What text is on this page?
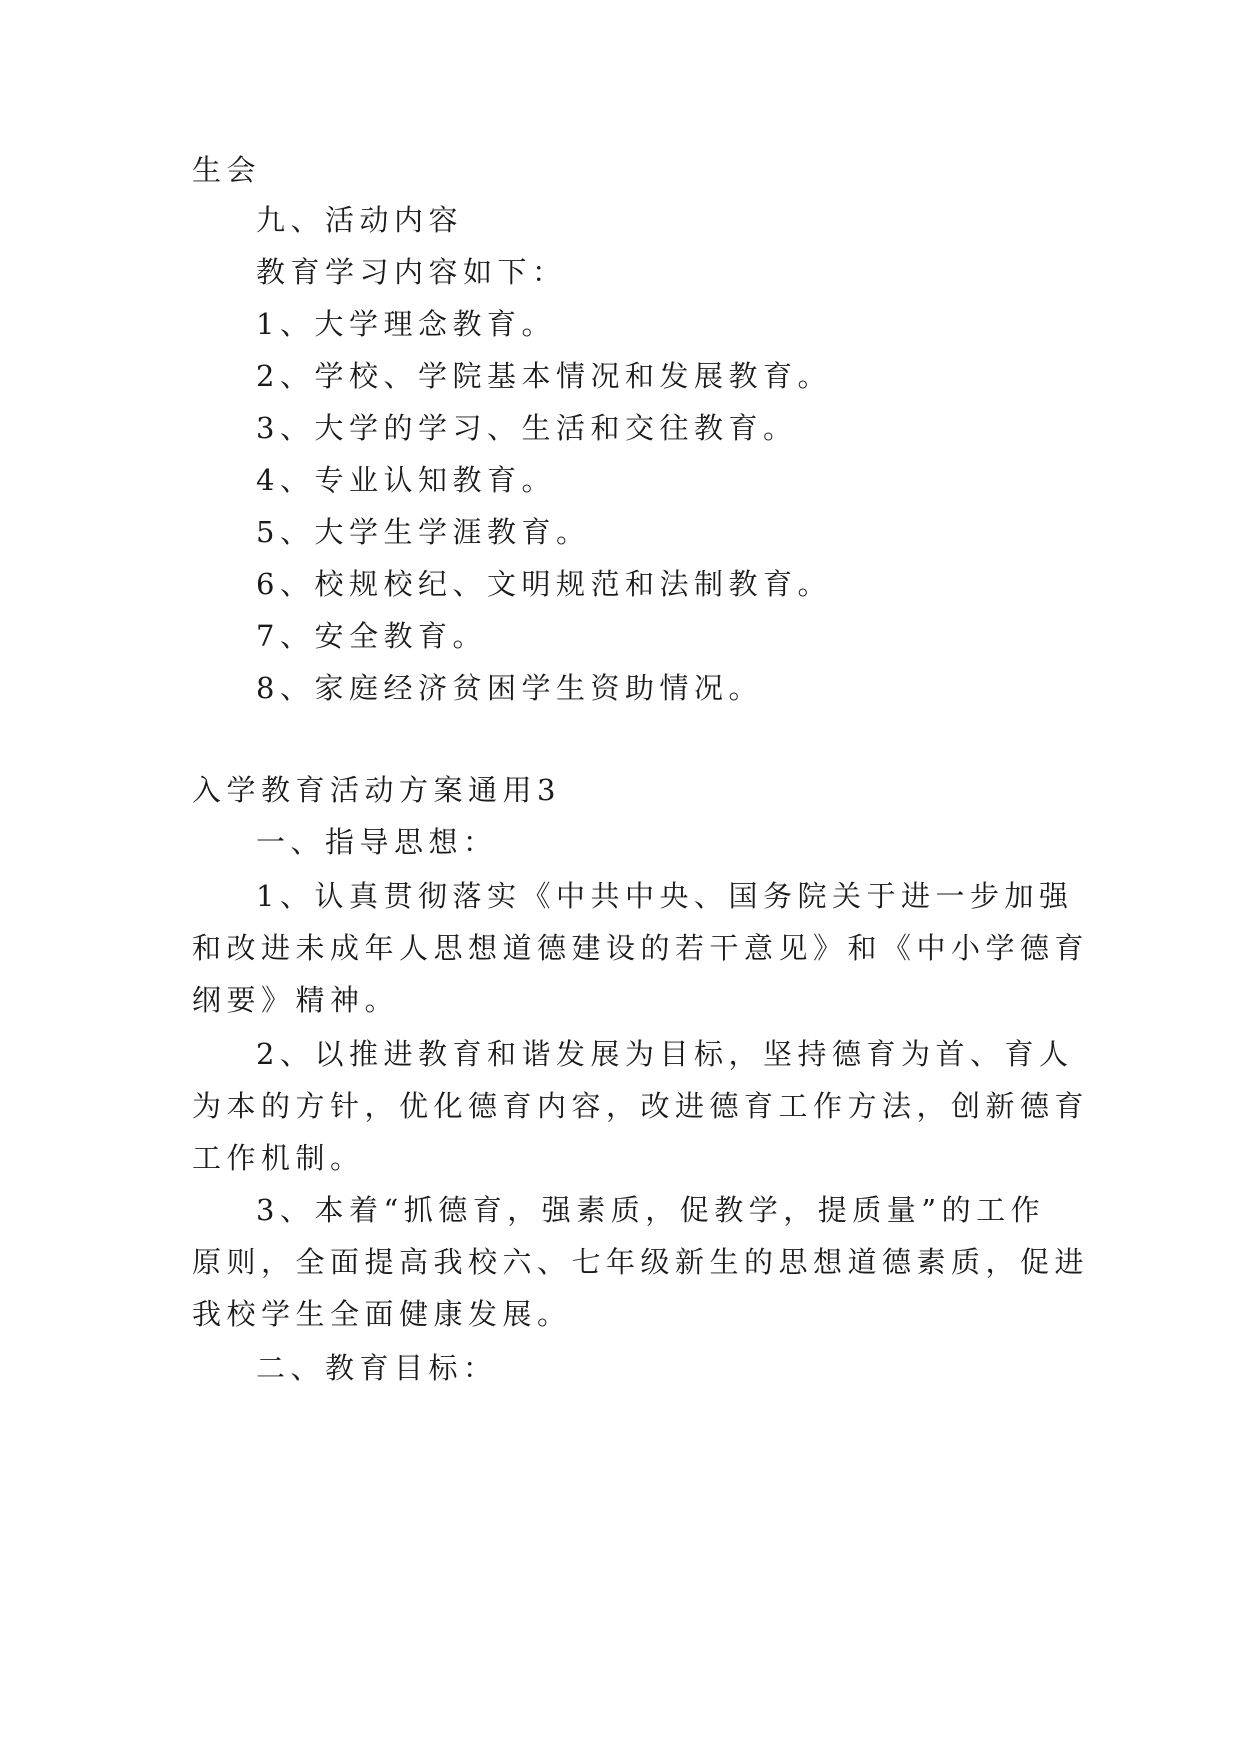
生会
九、活动内容
教育学习内容如下：
1、大学理念教育。
2、学校、学院基本情况和发展教育。
3、大学的学习、生活和交往教育。
4、专业认知教育。
5、大学生学涯教育。
6、校规校纪、文明规范和法制教育。
7、安全教育。
8、家庭经济贫困学生资助情况。
入学教育活动方案通用3
一、指导思想：
1、认真贯彻落实《中共中央、国务院关于进一步加强
和改进未成年人思想道德建设的若干意见》和《中小学德育
纲要》精神。
2、以推进教育和谐发展为目标，坚持德育为首、育人
为本的方针，优化德育内容，改进德育工作方法，创新德育
工作机制。
3、本着“抓德育，强素质，促教学，提质量”的工作
原则，全面提高我校六、七年级新生的思想道德素质，促进
我校学生全面健康发展。
二、教育目标：
